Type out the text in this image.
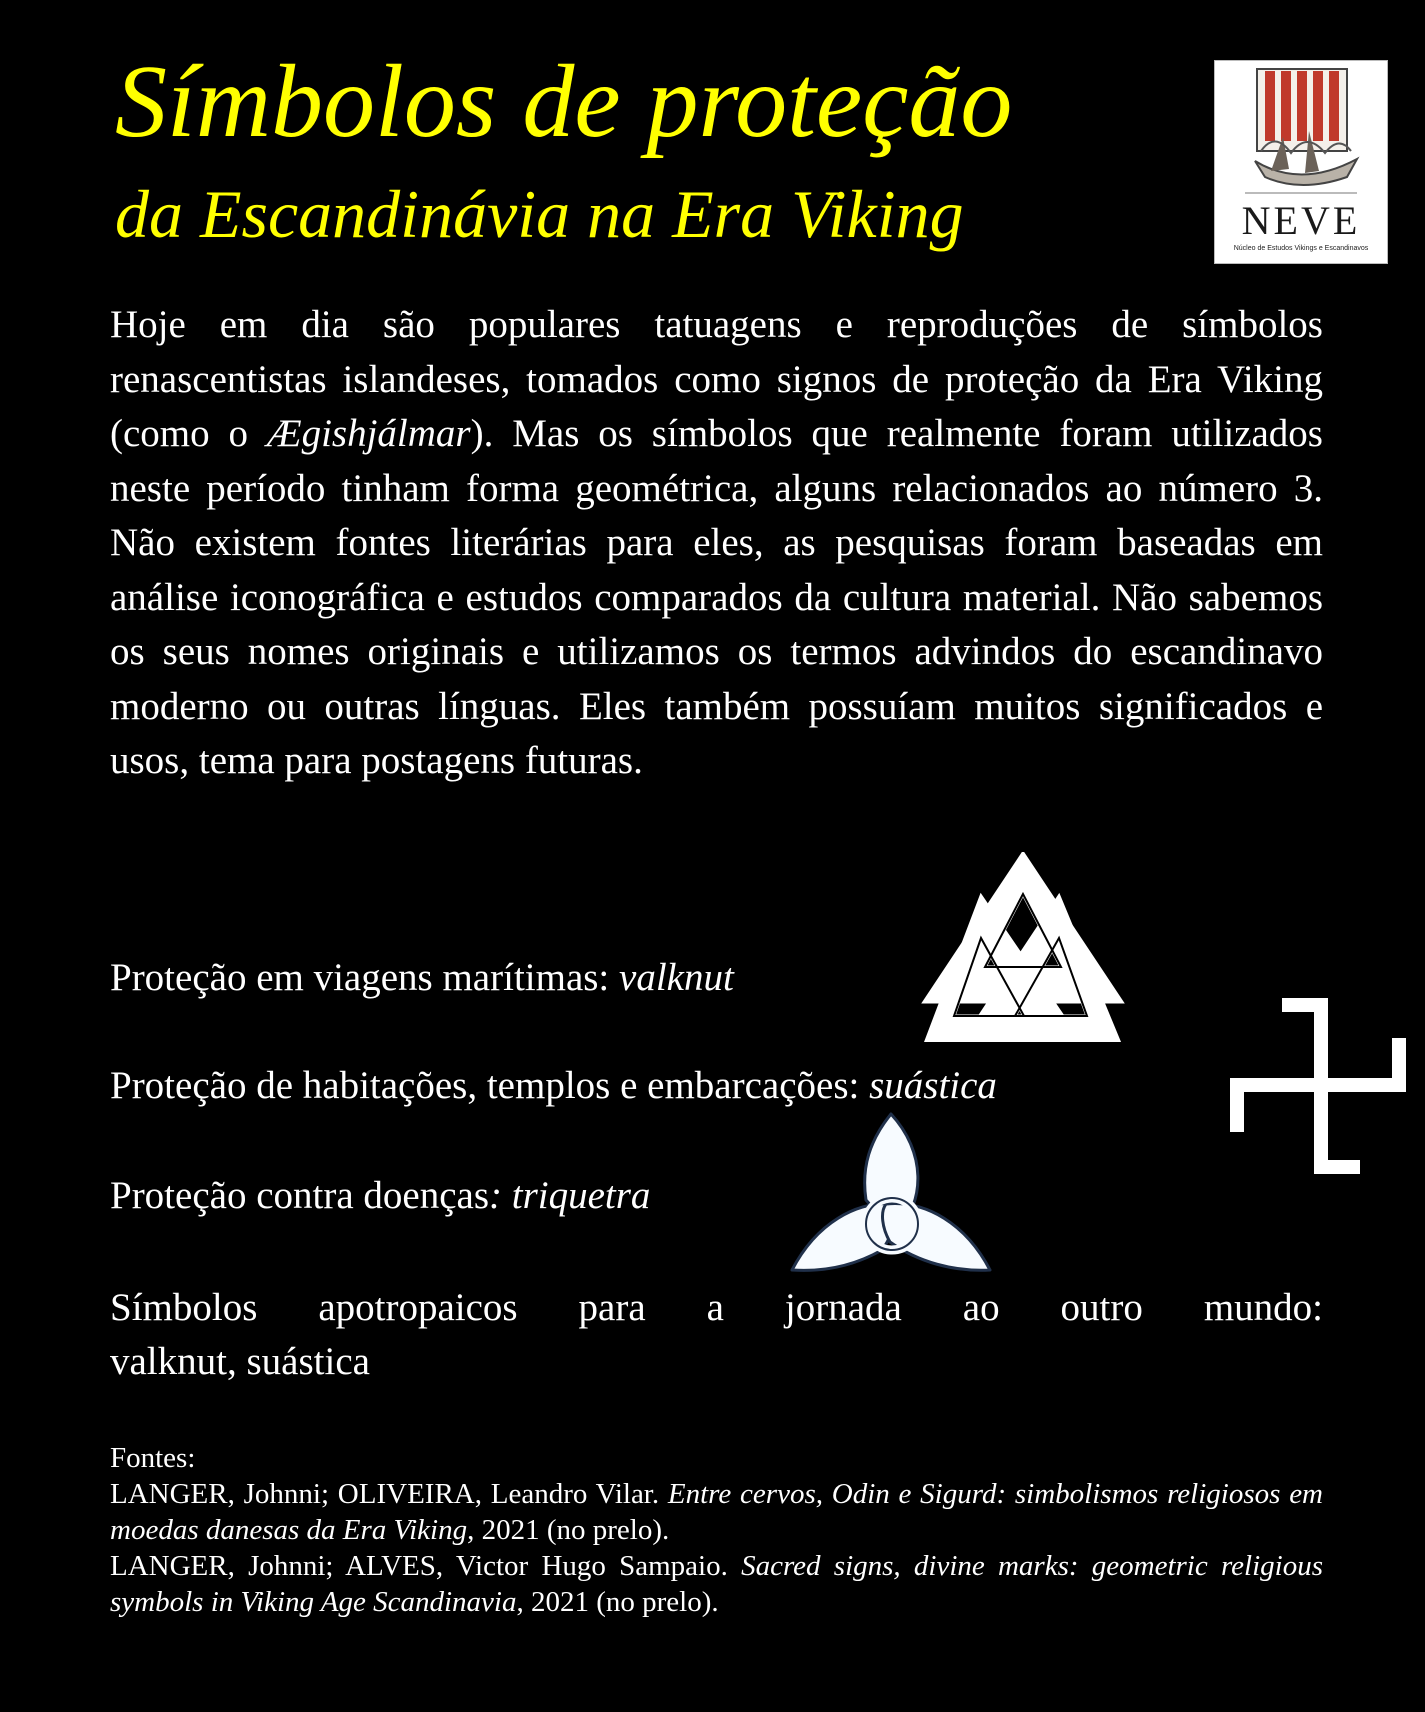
Símbolos de proteção
da Escandinávia na Era Viking	NEVE
Núcleo de Estudos Vikings e Escandinavos

Hoje em dia são populares tatuagens e reproduções de símbolos renascentistas islandeses, tomados como signos de proteção da Era Viking (como o Ægishjálmar). Mas os símbolos que realmente foram utilizados neste período tinham forma geométrica, alguns relacionados ao número 3. Não existem fontes literárias para eles, as pesquisas foram baseadas em análise iconográfica e estudos comparados da cultura material. Não sabemos os seus nomes originais e utilizamos os termos advindos do escandinavo moderno ou outras línguas. Eles também possuíam muitos significados e usos, tema para postagens futuras.

Proteção em viagens marítimas: valknut

Proteção de habitações, templos e embarcações: suástica

Proteção contra doenças: triquetra

Símbolos apotropaicos para a jornada ao outro mundo:

valknut, suástica

Fontes:

LANGER, Johnni; OLIVEIRA, Leandro Vilar. Entre cervos, Odin e Sigurd: simbolismos religiosos em moedas danesas da Era Viking, 2021 (no prelo).

LANGER, Johnni; ALVES, Victor Hugo Sampaio. Sacred signs, divine marks: geometric religious symbols in Viking Age Scandinavia, 2021 (no prelo).
